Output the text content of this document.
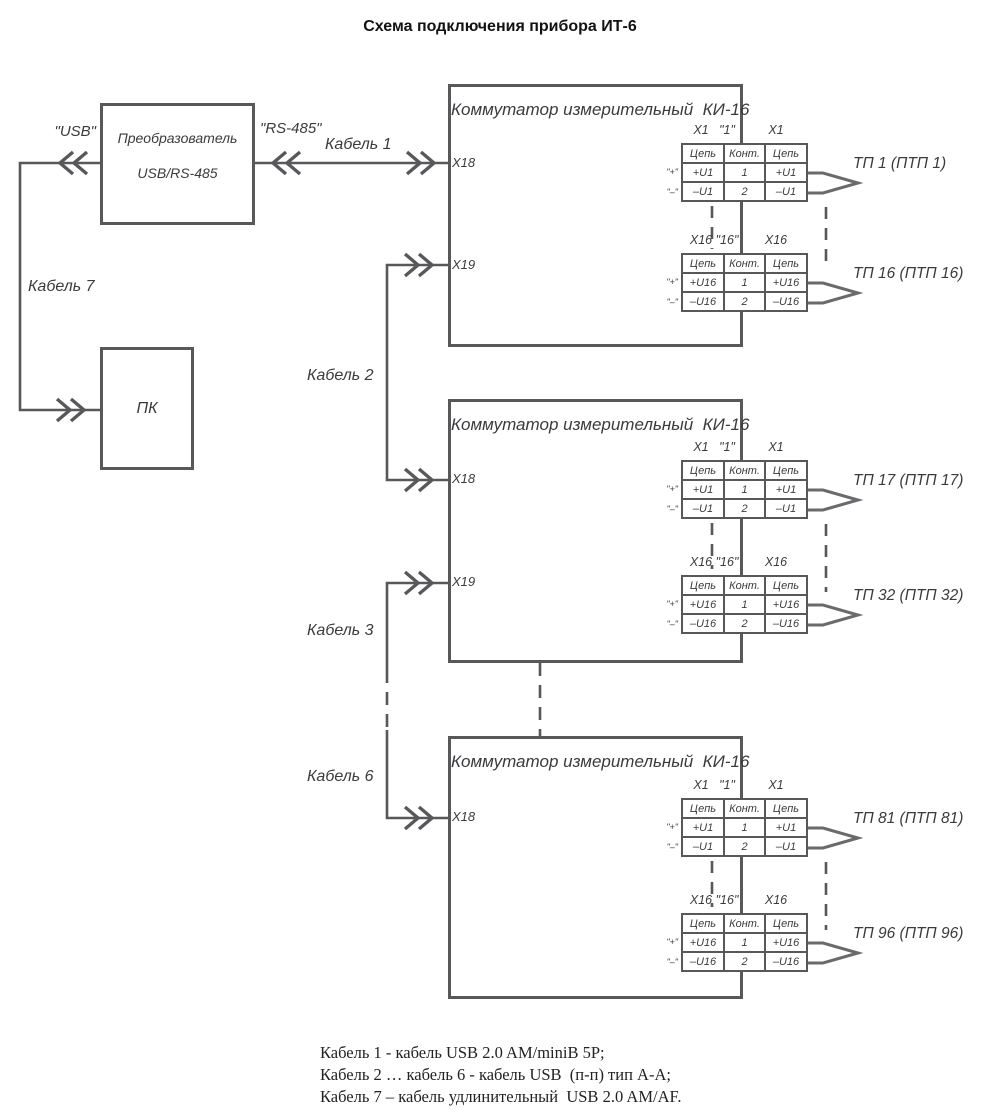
Схема подключения прибора ИТ-6
Преобразователь
USB/RS-485
"USB"	"RS-485"
ПК
Кабель 1
Кабель 7
Кабель 2
Кабель 3
Кабель 6
Коммутатор измерительный  КИ-16
Коммутатор измерительный  КИ-16
Коммутатор измерительный  КИ-16
X18
X19
X18
X19
X18
X1 "1"	X1
"+"
"–"
Цепь	Конт.	Цепь
+U1	1	+U1
–U1	2	–U1
X16 "16"	X16
"+"
"–"
Цепь	Конт.	Цепь
+U16	1	+U16
–U16	2	–U16
X1 "1"	X1
"+"
"–"
Цепь	Конт.	Цепь
+U1	1	+U1
–U1	2	–U1
X16 "16"	X16
"+"
"–"
Цепь	Конт.	Цепь
+U16	1	+U16
–U16	2	–U16
X1 "1"	X1
"+"
"–"
Цепь	Конт.	Цепь
+U1	1	+U1
–U1	2	–U1
X16 "16"	X16
"+"
"–"
Цепь	Конт.	Цепь
+U16	1	+U16
–U16	2	–U16
ТП 1 (ПТП 1)
ТП 16 (ПТП 16)
ТП 17 (ПТП 17)
ТП 32 (ПТП 32)
ТП 81 (ПТП 81)
ТП 96 (ПТП 96)
Кабель 1 - кабель USB 2.0 AM/miniB 5P;
Кабель 2 … кабель 6 - кабель USB  (п-п) тип А-А;
Кабель 7 – кабель удлинительный  USB 2.0 AM/AF.
